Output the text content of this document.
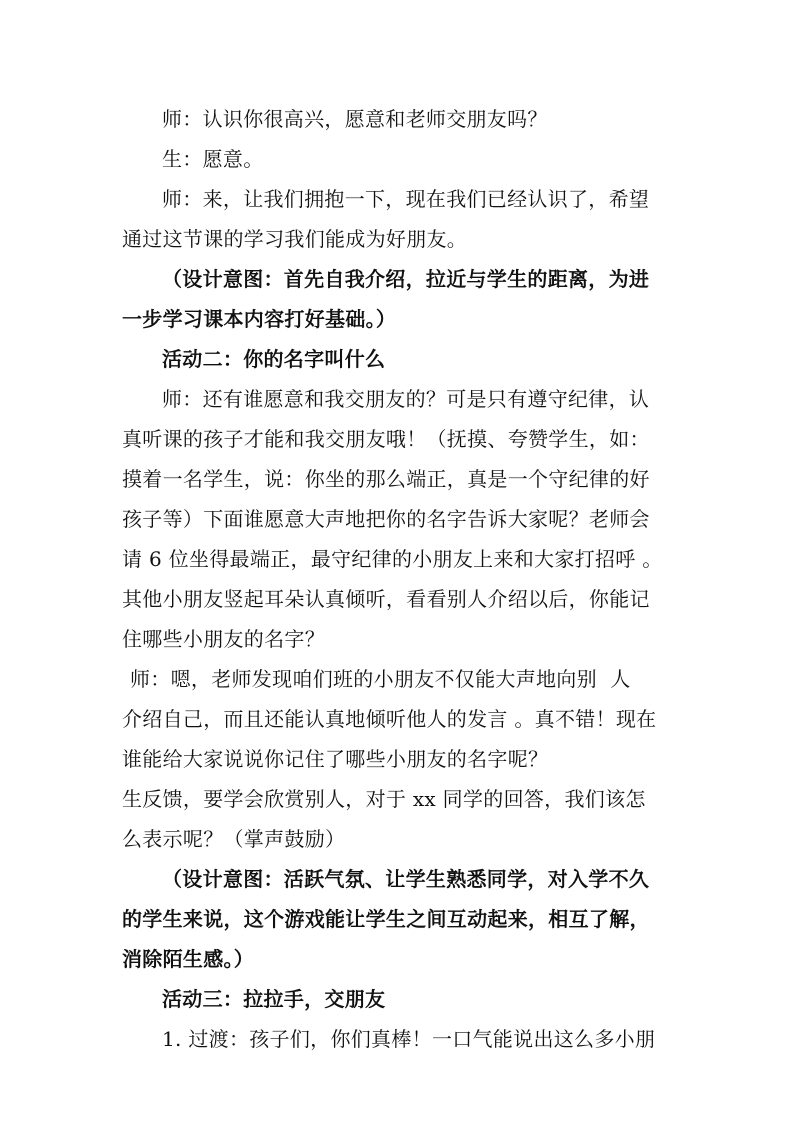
师：认识你很高兴，愿意和老师交朋友吗？
生：愿意。
师：来，让我们拥抱一下，现在我们已经认识了，希望
通过这节课的学习我们能成为好朋友。
（设计意图：首先自我介绍，拉近与学生的距离，为进
一步学习课本内容打好基础。）
活动二：你的名字叫什么
师：还有谁愿意和我交朋友的？可是只有遵守纪律，认
真听课的孩子才能和我交朋友哦！（抚摸、夸赞学生，如：
摸着一名学生，说：你坐的那么端正，真是一个守纪律的好
孩子等）下面谁愿意大声地把你的名字告诉大家呢？老师会
请 6 位坐得最端正，最守纪律的小朋友上来和大家打招呼 。
其他小朋友竖起耳朵认真倾听，看看别人介绍以后，你能记
住哪些小朋友的名字？
师：嗯，老师发现咱们班的小朋友不仅能大声地向别  人
介绍自己，而且还能认真地倾听他人的发言 。真不错！现在
谁能给大家说说你记住了哪些小朋友的名字呢？
生反馈，要学会欣赏别人，对于 xx 同学的回答，我们该怎
么表示呢？（掌声鼓励）
（设计意图：活跃气氛、让学生熟悉同学，对入学不久
的学生来说，这个游戏能让学生之间互动起来，相互了解，
消除陌生感。）
活动三：拉拉手，交朋友
1. 过渡：孩子们，你们真棒！一口气能说出这么多小朋
